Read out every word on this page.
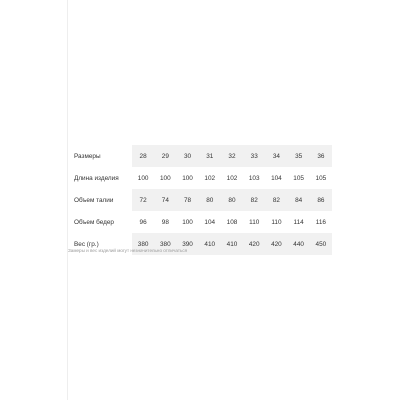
Размеры		28	29	30	31	32	33	34	35	36
Длина изделия		100	100	100	102	102	103	104	105	105
Объем талии		72	74	78	80	80	82	82	84	86
Объем бедер		96	98	100	104	108	110	110	114	116
Вес (гр.)		380	380	390	410	410	420	420	440	450
Замеры и вес изделий могут незначительно отличаться
